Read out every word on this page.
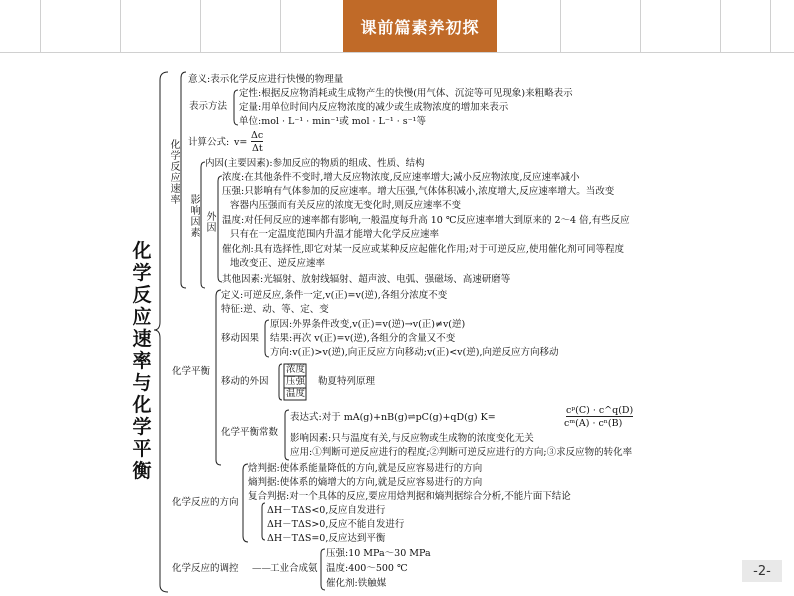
课前篇素养初探
化学反应速率与化学平衡
化学反应速率
意义:表示化学反应进行快慢的物理量
表示方法
定性:根据反应物消耗或生成物产生的快慢(用气体、沉淀等可见现象)来粗略表示
定量:用单位时间内反应物浓度的减少或生成物浓度的增加来表示
单位:mol · L⁻¹ · min⁻¹或 mol · L⁻¹ · s⁻¹等
计算公式: v=
Δc
Δt
影响因素
内因(主要因素):参加反应的物质的组成、性质、结构
外因
浓度:在其他条件不变时,增大反应物浓度,反应速率增大;减小反应物浓度,反应速率减小
压强:只影响有气体参加的反应速率。增大压强,气体体积减小,浓度增大,反应速率增大。当改变
容器内压强而有关反应的浓度无变化时,则反应速率不变
温度:对任何反应的速率都有影响,一般温度每升高 10 ℃反应速率增大到原来的 2～4 倍,有些反应
只有在一定温度范围内升温才能增大化学反应速率
催化剂:具有选择性,即它对某一反应或某种反应起催化作用;对于可逆反应,使用催化剂可同等程度
地改变正、逆反应速率
其他因素:光辐射、放射线辐射、超声波、电弧、强磁场、高速研磨等
化学平衡
定义:可逆反应,条件一定,v(正)=v(逆),各组分浓度不变
特征:逆、动、等、定、变
移动因果
原因:外界条件改变,v(正)=v(逆)→v(正)≠v(逆)
结果:再次 v(正)=v(逆),各组分的含量又不变
方向:v(正)>v(逆),向正反应方向移动;v(正)<v(逆),向逆反应方向移动
移动的外因
浓度
压强
温度
勒夏特列原理
化学平衡常数
表达式:对于 mA(g)+nB(g)⇌pC(g)+qD(g) K=
cᵖ(C) · c^q(D)
cᵐ(A) · cⁿ(B)
影响因素:只与温度有关,与反应物或生成物的浓度变化无关
应用:①判断可逆反应进行的程度;②判断可逆反应进行的方向;③求反应物的转化率
化学反应的方向
焓判据:使体系能量降低的方向,就是反应容易进行的方向
熵判据:使体系的熵增大的方向,就是反应容易进行的方向
复合判据:对一个具体的反应,要应用焓判据和熵判据综合分析,不能片面下结论
ΔH－TΔS<0,反应自发进行
ΔH－TΔS>0,反应不能自发进行
ΔH－TΔS=0,反应达到平衡
化学反应的调控 —— 工业合成氨
压强:10 MPa～30 MPa
温度:400～500 ℃
催化剂:铁触媒
-2-
